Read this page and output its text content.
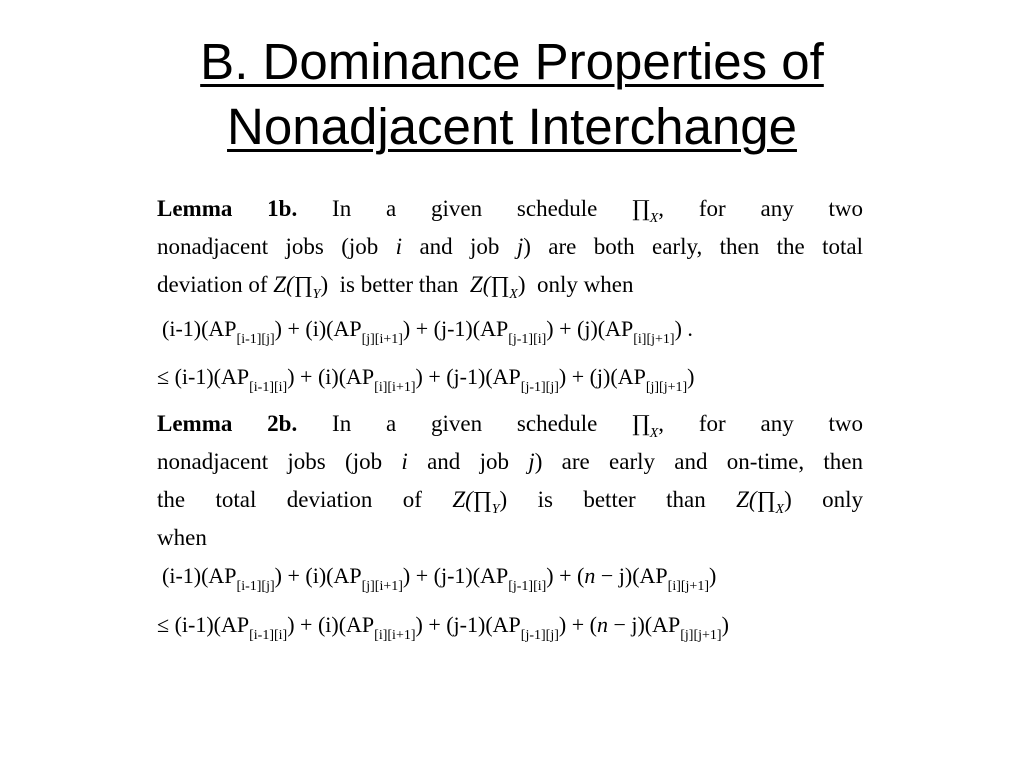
B. Dominance Properties of
Nonadjacent Interchange
Lemma 1b. In a given schedule $\prod_X$, for any two
nonadjacent jobs (job i and job j) are both early, then the total
deviation of $Z(\prod_Y)$ is better than $Z(\prod_X)$ only when
$(i-1)(AP_{[i-1][j]}) + (i)(AP_{[j][i+1]}) + (j-1)(AP_{[j-1][i]}) + (j)(AP_{[i][j+1]})$ .
≤ $(i-1)(AP_{[i-1][i]}) + (i)(AP_{[i][i+1]}) + (j-1)(AP_{[j-1][j]}) + (j)(AP_{[j][j+1]})$
Lemma 2b. In a given schedule $\prod_X$, for any two
nonadjacent jobs (job i and job j) are early and on-time, then
the total deviation of $Z(\prod_Y)$ is better than $Z(\prod_X)$ only
when
$(i-1)(AP_{[i-1][j]}) + (i)(AP_{[j][i+1]}) + (j-1)(AP_{[j-1][i]}) + (n - j)(AP_{[i][j+1]})$
≤ $(i-1)(AP_{[i-1][i]}) + (i)(AP_{[i][i+1]}) + (j-1)(AP_{[j-1][j]}) + (n - j)(AP_{[j][j+1]})$
